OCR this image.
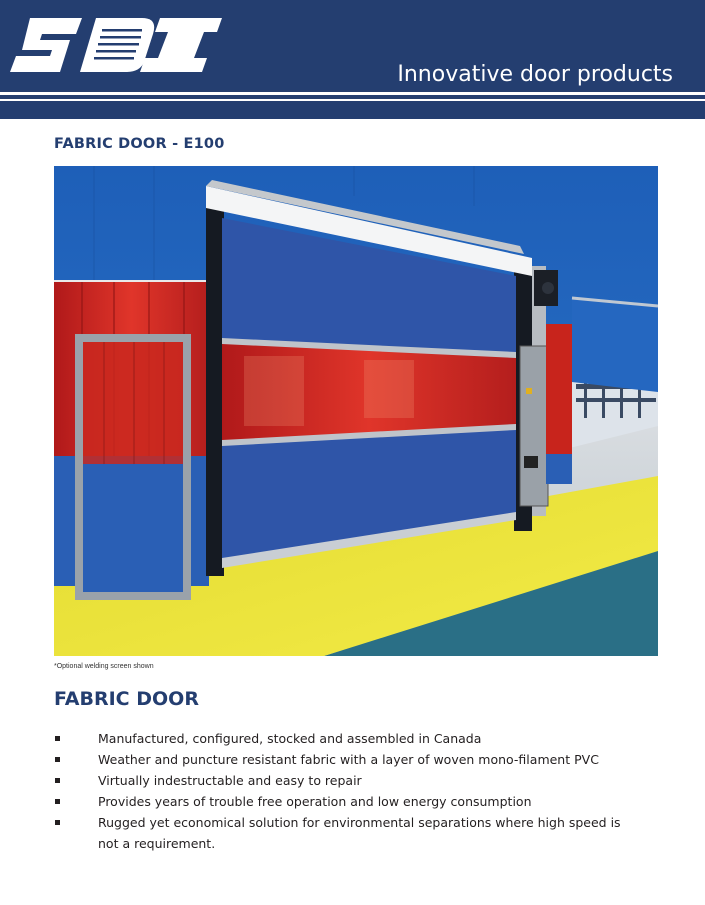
Innovative door products
FABRIC DOOR - E100
*Optional welding screen shown
FABRIC DOOR
Manufactured, configured, stocked and assembled in Canada
Weather and puncture resistant fabric with a layer of woven mono-filament PVC
Virtually indestructable and easy to repair
Provides years of trouble free operation and low energy consumption
Rugged yet economical solution for environmental separations where high speed is not a requirement.
